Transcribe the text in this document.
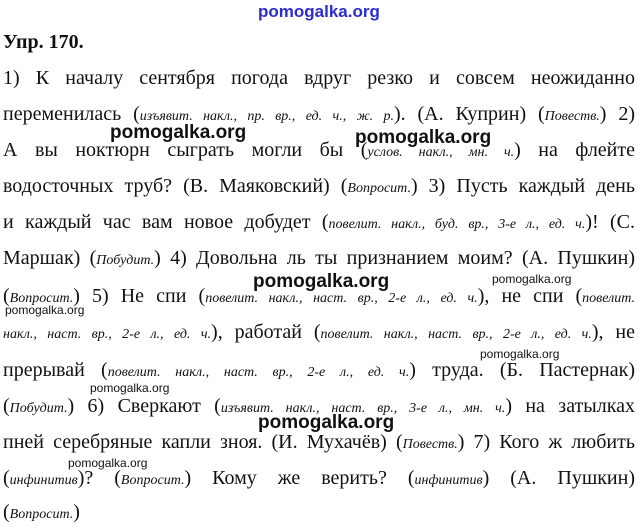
Упр. 170.
1) К началу сентября погода вдруг резко и совсем неожиданно
переменилась (изъявит. накл., пр. вр., ед. ч., ж. р.). (А. Куприн) (Повеств.) 2)
А вы ноктюрн сыграть могли бы (услов. накл., мн. ч.) на флейте
водосточных труб? (В. Маяковский) (Вопросит.) 3) Пусть каждый день
и каждый час вам новое добудет (повелит. накл., буд. вр., 3-е л., ед. ч.)! (С.
Маршак) (Побудит.) 4) Довольна ль ты признанием моим? (А. Пушкин)
(Вопросит.) 5) Не спи (повелит. накл., наст. вр., 2-е л., ед. ч.), не спи (повелит.
накл., наст. вр., 2-е л., ед. ч.), работай (повелит. накл., наст. вр., 2-е л., ед. ч.), не
прерывай (повелит. накл., наст. вр., 2-е л., ед. ч.) труда. (Б. Пастернак)
(Побудит.) 6) Сверкают (изъявит. накл., наст. вр., 3-е л., мн. ч.) на затылках
пней серебряные капли зноя. (И. Мухачёв) (Повеств.) 7) Кого ж любить
(инфинитив)? (Вопросит.) Кому же верить? (инфинитив) (А. Пушкин)
(Вопросит.)
pomogalka.org
pomogalka.org	pomogalka.org
pomogalka.org
pomogalka.org
pomogalka.org
pomogalka.org
pomogalka.org
pomogalka.org
pomogalka.org
